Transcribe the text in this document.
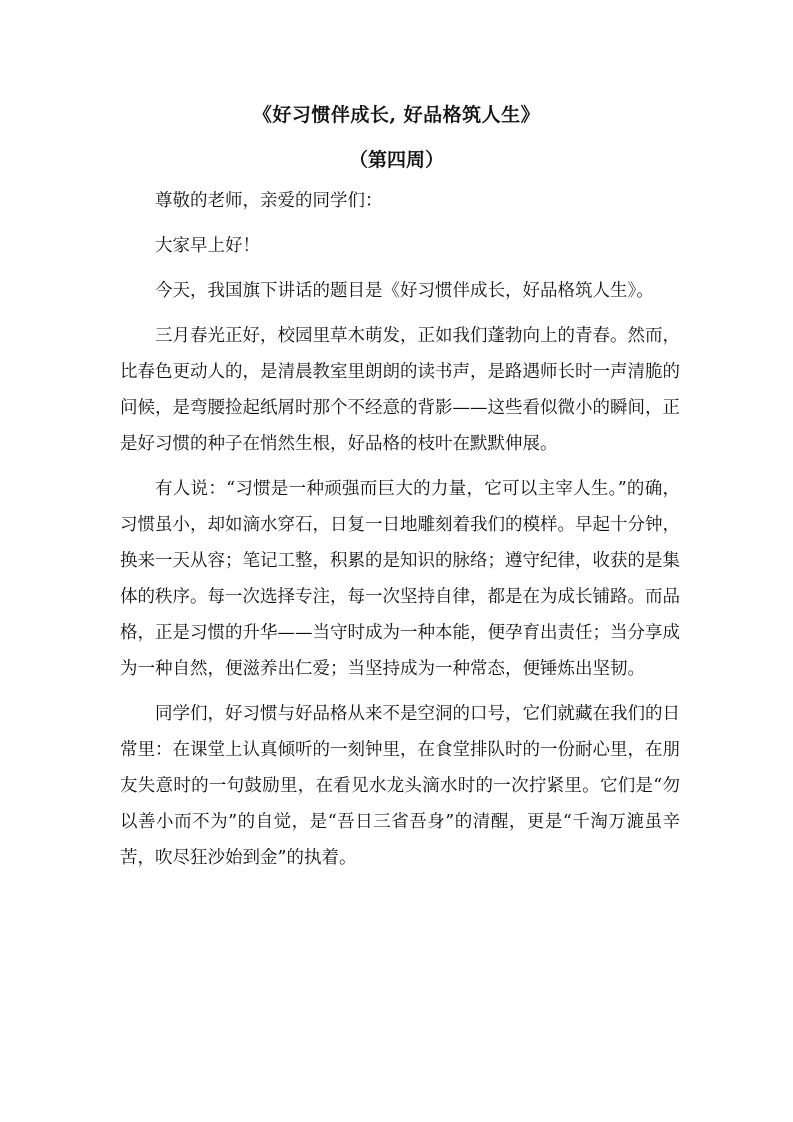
《好习惯伴成长, 好品格筑人生》
（第四周）

尊敬的老师，亲爱的同学们：

大家早上好！

今天，我国旗下讲话的题目是《好习惯伴成长，好品格筑人生》。

三月春光正好，校园里草木萌发，正如我们蓬勃向上的青春。然而，比春色更动人的，是清晨教室里朗朗的读书声，是路遇师长时一声清脆的问候，是弯腰捡起纸屑时那个不经意的背影——这些看似微小的瞬间，正是好习惯的种子在悄然生根，好品格的枝叶在默默伸展。

有人说：“习惯是一种顽强而巨大的力量，它可以主宰人生。”的确，习惯虽小，却如滴水穿石，日复一日地雕刻着我们的模样。早起十分钟，换来一天从容；笔记工整，积累的是知识的脉络；遵守纪律，收获的是集体的秩序。每一次选择专注，每一次坚持自律，都是在为成长铺路。而品格，正是习惯的升华——当守时成为一种本能，便孕育出责任；当分享成为一种自然，便滋养出仁爱；当坚持成为一种常态，便锤炼出坚韧。

同学们，好习惯与好品格从来不是空洞的口号，它们就藏在我们的日常里：在课堂上认真倾听的一刻钟里，在食堂排队时的一份耐心里，在朋友失意时的一句鼓励里，在看见水龙头滴水时的一次拧紧里。它们是“勿以善小而不为”的自觉，是“吾日三省吾身”的清醒，更是“千淘万漉虽辛苦，吹尽狂沙始到金”的执着。
